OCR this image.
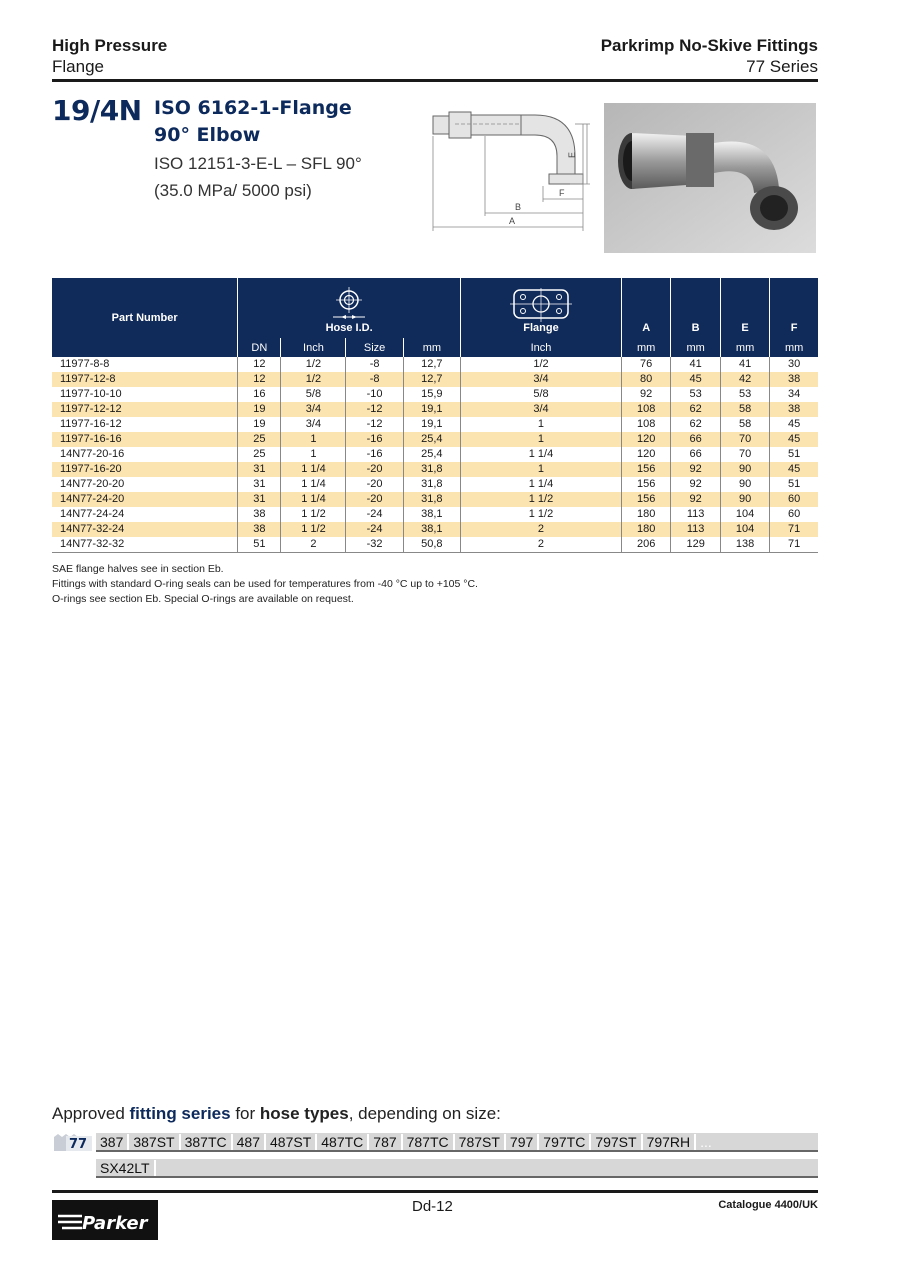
High Pressure
Flange
Parkrimp No-Skive Fittings
77 Series
19/4N ISO 6162-1-Flange
90° Elbow
ISO 12151-3-E-L – SFL 90°
(35.0 MPa/ 5000 psi)
A
B
F
E
Part Number	Hose I.D.				Flange	A	B	E	F

	DN	Inch	Size	mm	Inch	mm	mm	mm	mm
11977-8-8	12	1/2	-8	12,7	1/2	76	41	41	30
11977-12-8	12	1/2	-8	12,7	3/4	80	45	42	38
11977-10-10	16	5/8	-10	15,9	5/8	92	53	53	34
11977-12-12	19	3/4	-12	19,1	3/4	108	62	58	38
11977-16-12	19	3/4	-12	19,1	1	108	62	58	45
11977-16-16	25	1	-16	25,4	1	120	66	70	45
14N77-20-16	25	1	-16	25,4	1 1/4	120	66	70	51
11977-16-20	31	1 1/4	-20	31,8	1	156	92	90	45
14N77-20-20	31	1 1/4	-20	31,8	1 1/4	156	92	90	51
14N77-24-20	31	1 1/4	-20	31,8	1 1/2	156	92	90	60
14N77-24-24	38	1 1/2	-24	38,1	1 1/2	180	113	104	60
14N77-32-24	38	1 1/2	-24	38,1	2	180	113	104	71
14N77-32-32	51	2	-32	50,8	2	206	129	138	71
SAE flange halves see in section Eb.
Fittings with standard O-ring seals can be used for temperatures from -40 °C up to +105 °C.
O-rings see section Eb. Special O-rings are available on request.
Approved fitting series for hose types, depending on size:
77 387 387ST 387TC 487 487ST 487TC 787 787TC 787ST 797 797TC 797ST 797RH ...
SX42LT
Parker
Dd-12	Catalogue 4400/UK
